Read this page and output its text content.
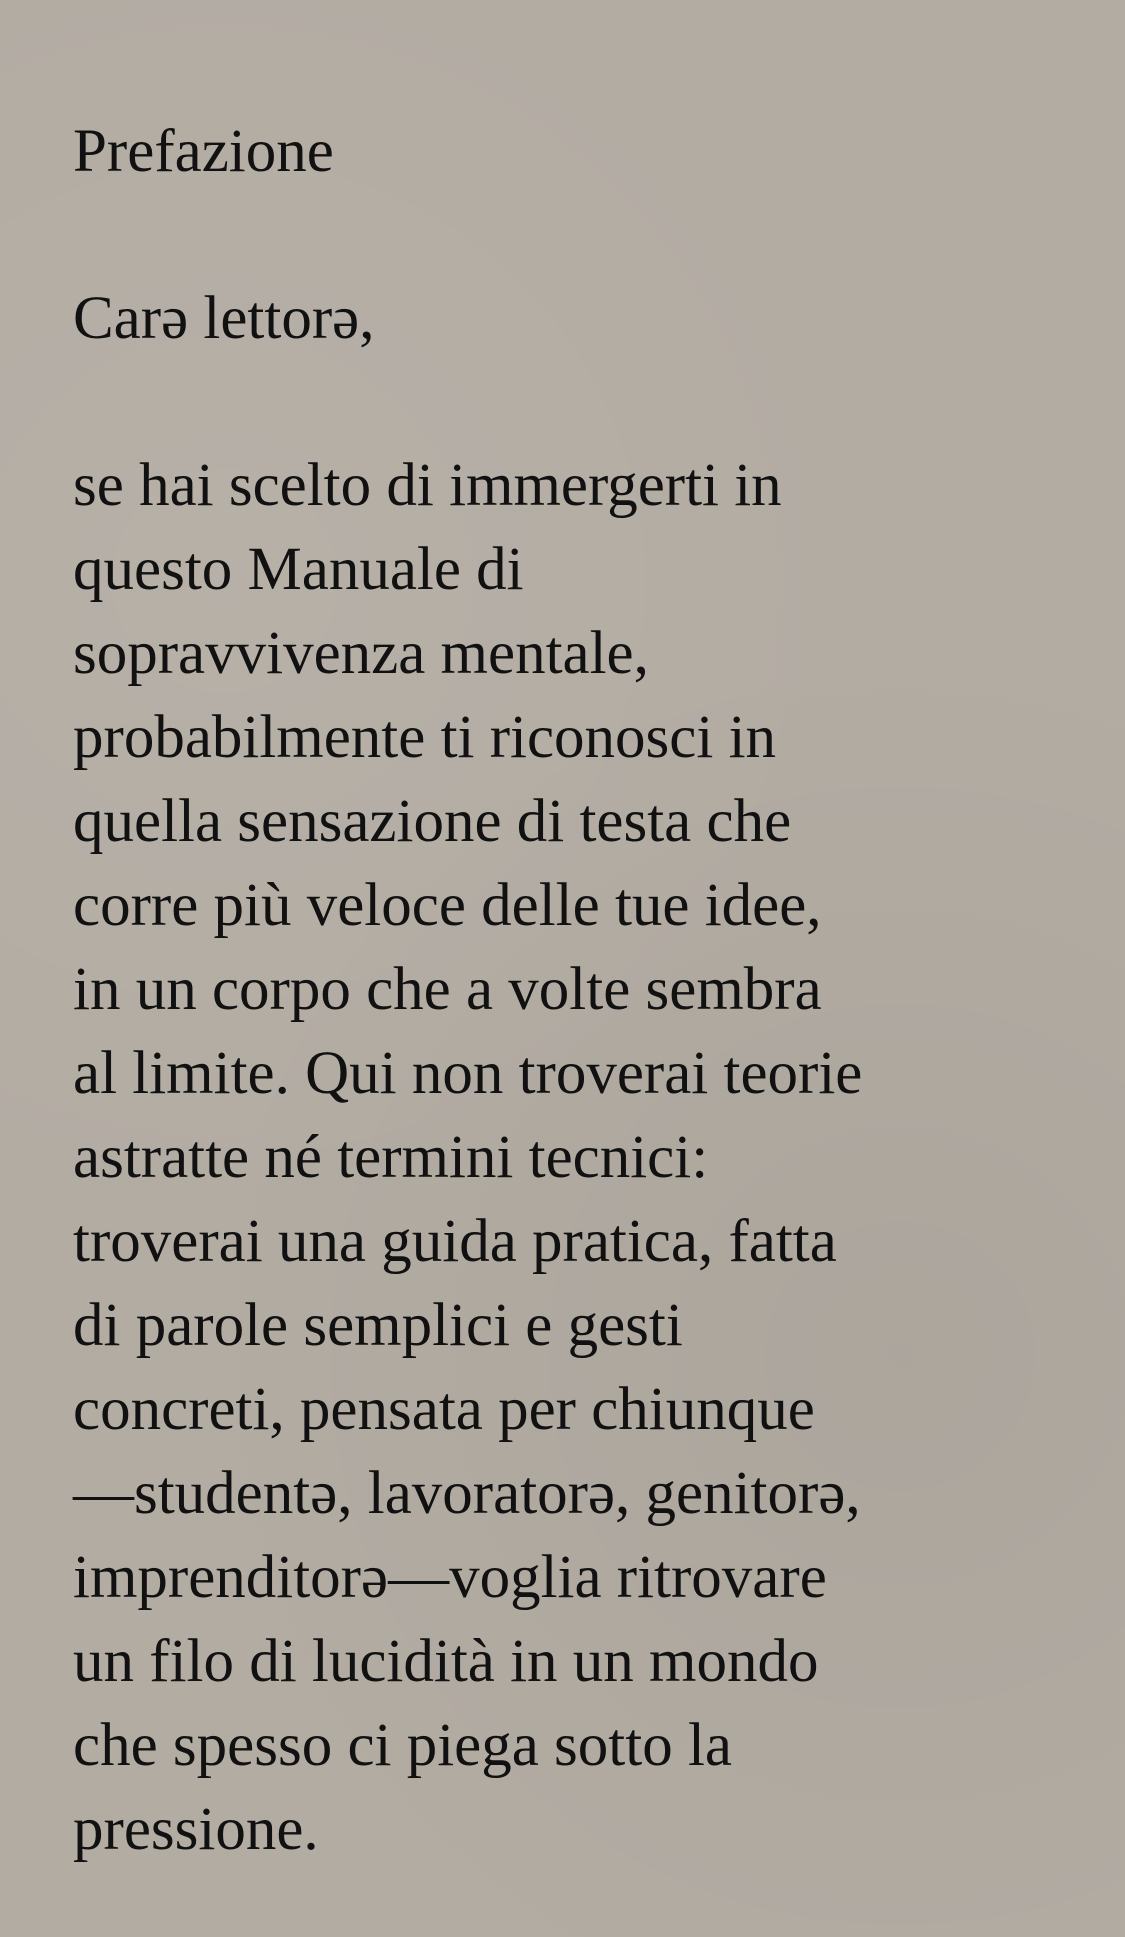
Prefazione

Carə lettorə,

se hai scelto di immergerti in
questo Manuale di
sopravvivenza mentale,
probabilmente ti riconosci in
quella sensazione di testa che
corre più veloce delle tue idee,
in un corpo che a volte sembra
al limite. Qui non troverai teorie
astratte né termini tecnici:
troverai una guida pratica, fatta
di parole semplici e gesti
concreti, pensata per chiunque
—studentə, lavoratorə, genitorə,
imprenditorə—voglia ritrovare
un filo di lucidità in un mondo
che spesso ci piega sotto la
pressione.
